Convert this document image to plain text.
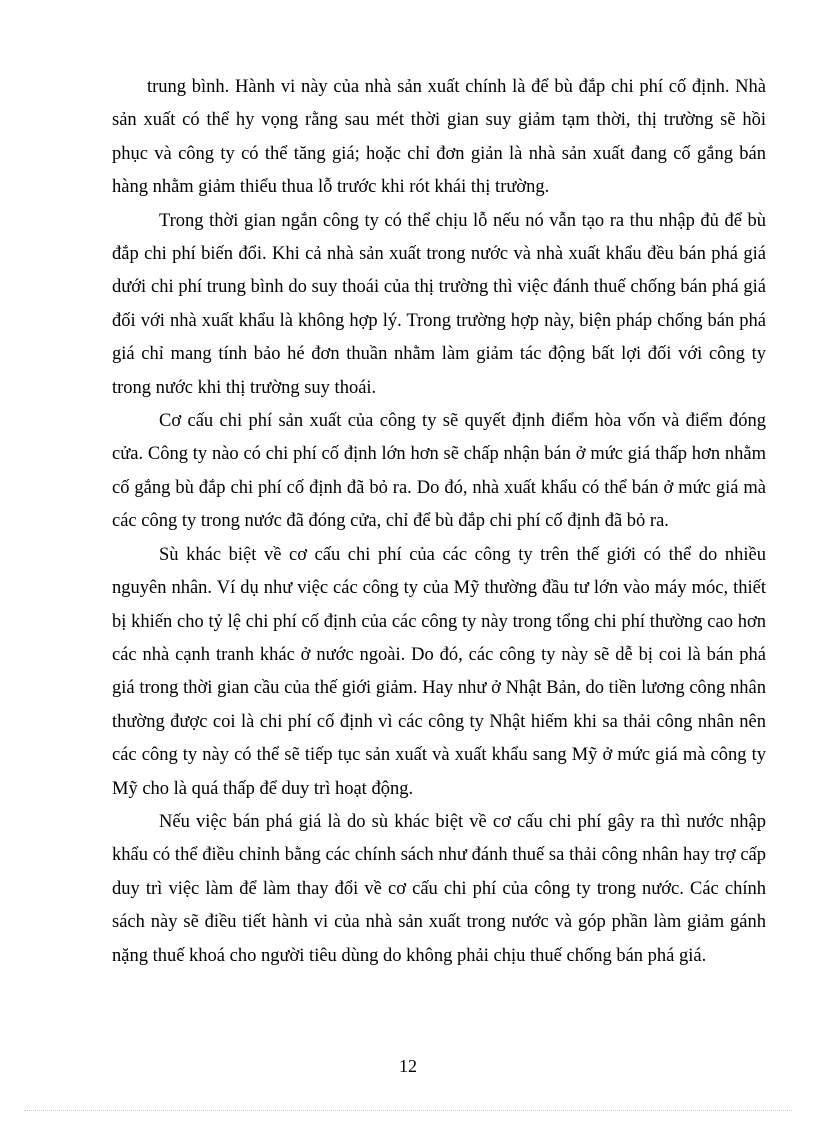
trung bình. Hành vi này của nhà sản xuất chính là để bù đắp chi phí cố định. Nhà sản xuất có thể hy vọng rằng sau mét thời gian suy giảm tạm thời, thị trường sẽ hồi phục và công ty có thể tăng giá; hoặc chỉ đơn giản là nhà sản xuất đang cố gắng bán hàng nhằm giảm thiểu thua lỗ trước khi rót khái thị trường.

Trong thời gian ngắn công ty có thể chịu lỗ nếu nó vẫn tạo ra thu nhập đủ để bù đắp chi phí biến đổi. Khi cả nhà sản xuất trong nước và nhà xuất khẩu đều bán phá giá dưới chi phí trung bình do suy thoái của thị trường thì việc đánh thuế chống bán phá giá đối với nhà xuất khẩu là không hợp lý. Trong trường hợp này, biện pháp chống bán phá giá chỉ mang tính bảo hé đơn thuần nhằm làm giảm tác động bất lợi đối với công ty trong nước khi thị trường suy thoái.

Cơ cấu chi phí sản xuất của công ty sẽ quyết định điểm hòa vốn và điểm đóng cửa. Công ty nào có chi phí cố định lớn hơn sẽ chấp nhận bán ở mức giá thấp hơn nhằm cố gắng bù đắp chi phí cố định đã bỏ ra. Do đó, nhà xuất khẩu có thể bán ở mức giá mà các công ty trong nước đã đóng cửa, chỉ để bù đắp chi phí cố định đã bỏ ra.

Sù khác biệt về cơ cấu chi phí của các công ty trên thế giới có thể do nhiều nguyên nhân. Ví dụ như việc các công ty của Mỹ thường đầu tư lớn vào máy móc, thiết bị khiến cho tỷ lệ chi phí cố định của các công ty này trong tổng chi phí thường cao hơn các nhà cạnh tranh khác ở nước ngoài. Do đó, các công ty này sẽ dễ bị coi là bán phá giá trong thời gian cầu của thế giới giảm. Hay như ở Nhật Bản, do tiền lương công nhân thường được coi là chi phí cố định vì các công ty Nhật hiếm khi sa thải công nhân nên các công ty này có thể sẽ tiếp tục sản xuất và xuất khẩu sang Mỹ ở mức giá mà công ty Mỹ cho là quá thấp để duy trì hoạt động.

Nếu việc bán phá giá là do sù khác biệt về cơ cấu chi phí gây ra thì nước nhập khẩu có thể điều chỉnh bằng các chính sách như đánh thuế sa thải công nhân hay trợ cấp duy trì việc làm để làm thay đổi về cơ cấu chi phí của công ty trong nước. Các chính sách này sẽ điều tiết hành vi của nhà sản xuất trong nước và góp phần làm giảm gánh nặng thuế khoá cho người tiêu dùng do không phải chịu thuế chống bán phá giá.

12
